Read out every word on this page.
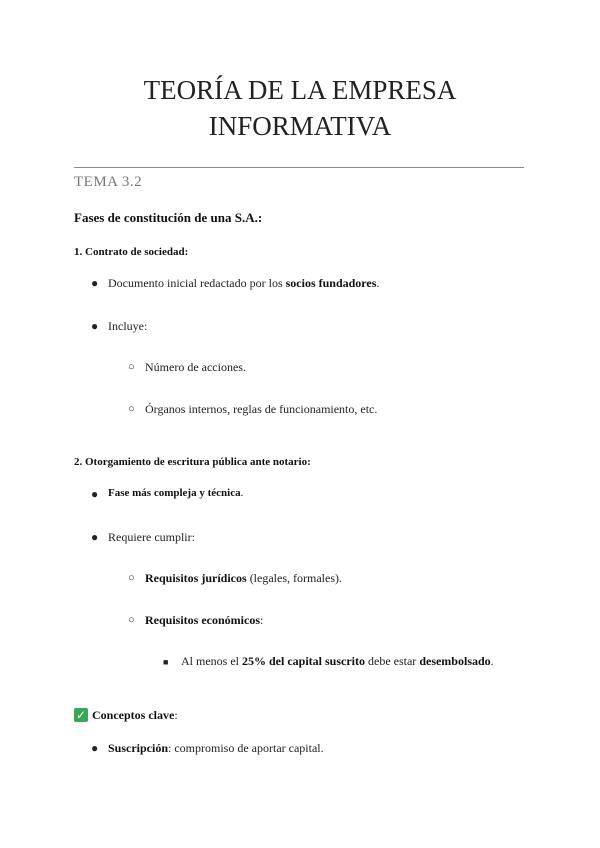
TEORÍA DE LA EMPRESA
INFORMATIVA
TEMA 3.2
Fases de constitución de una S.A.:
1. Contrato de sociedad:
● Documento inicial redactado por los socios fundadores.
● Incluye:
○ Número de acciones.
○ Órganos internos, reglas de funcionamiento, etc.
2. Otorgamiento de escritura pública ante notario:
● Fase más compleja y técnica.
● Requiere cumplir:
○ Requisitos jurídicos (legales, formales).
○ Requisitos económicos:
■ Al menos el 25% del capital suscrito debe estar desembolsado.
✓ Conceptos clave:
● Suscripción: compromiso de aportar capital.
